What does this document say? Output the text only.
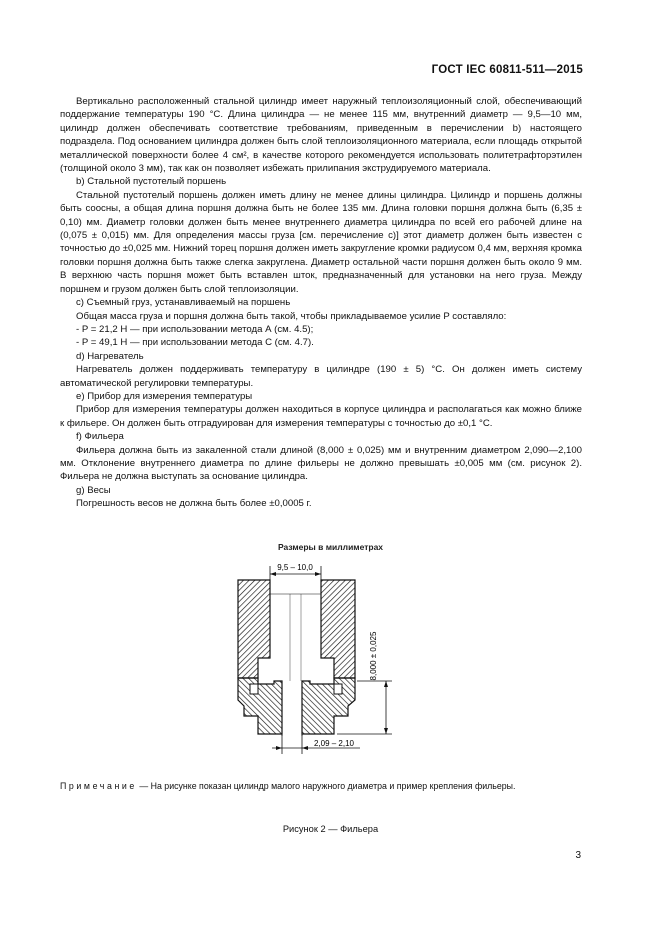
ГОСТ IEC 60811-511—2015

Вертикально расположенный стальной цилиндр имеет наружный теплоизоляционный слой, обеспечивающий поддержание температуры 190 °С. Длина цилиндра — не менее 115 мм, внутренний диаметр — 9,5—10 мм, цилиндр должен обеспечивать соответствие требованиям, приведенным в перечислении b) настоящего подраздела. Под основанием цилиндра должен быть слой теплоизоляционного материала, если площадь открытой металлической поверхности более 4 см², в качестве которого рекомендуется использовать политетрафторэтилен (толщиной около 3 мм), так как он позволяет избежать прилипания экструдируемого материала.

b) Стальной пустотелый поршень

Стальной пустотелый поршень должен иметь длину не менее длины цилиндра. Цилиндр и поршень должны быть соосны, а общая длина поршня должна быть не более 135 мм. Длина головки поршня должна быть (6,35 ± 0,10) мм. Диаметр головки должен быть менее внутреннего диаметра цилиндра по всей его рабочей длине на (0,075 ± 0,015) мм. Для определения массы груза [см. перечисление с)] этот диаметр должен быть известен с точностью до ±0,025 мм. Нижний торец поршня должен иметь закругление кромки радиусом 0,4 мм, верхняя кромка головки поршня должна быть также слегка закруглена. Диаметр остальной части поршня должен быть около 9 мм. В верхнюю часть поршня может быть вставлен шток, предназначенный для установки на него груза. Между поршнем и грузом должен быть слой теплоизоляции.

c) Съемный груз, устанавливаемый на поршень

Общая масса груза и поршня должна быть такой, чтобы прикладываемое усилие P составляло:

- P = 21,2 Н — при использовании метода А (см. 4.5);

- P = 49,1 Н — при использовании метода С (см. 4.7).

d) Нагреватель

Нагреватель должен поддерживать температуру в цилиндре (190 ± 5) °С. Он должен иметь систему автоматической регулировки температуры.

e) Прибор для измерения температуры

Прибор для измерения температуры должен находиться в корпусе цилиндра и располагаться как можно ближе к фильере. Он должен быть отградуирован для измерения температуры с точностью до ±0,1 °С.

f) Фильера

Фильера должна быть из закаленной стали длиной (8,000 ± 0,025) мм и внутренним диаметром 2,090—2,100 мм. Отклонение внутреннего диаметра по длине фильеры не должно превышать ±0,005 мм (см. рисунок 2). Фильера не должна выступать за основание цилиндра.

g) Весы

Погрешность весов не должна быть более ±0,0005 г.

Размеры в миллиметрах
9,5 – 10,0
8,000 ± 0,025
2,09 – 2,10
Примечание — На рисунке показан цилиндр малого наружного диаметра и пример крепления фильеры.
Рисунок 2 — Фильера
3
